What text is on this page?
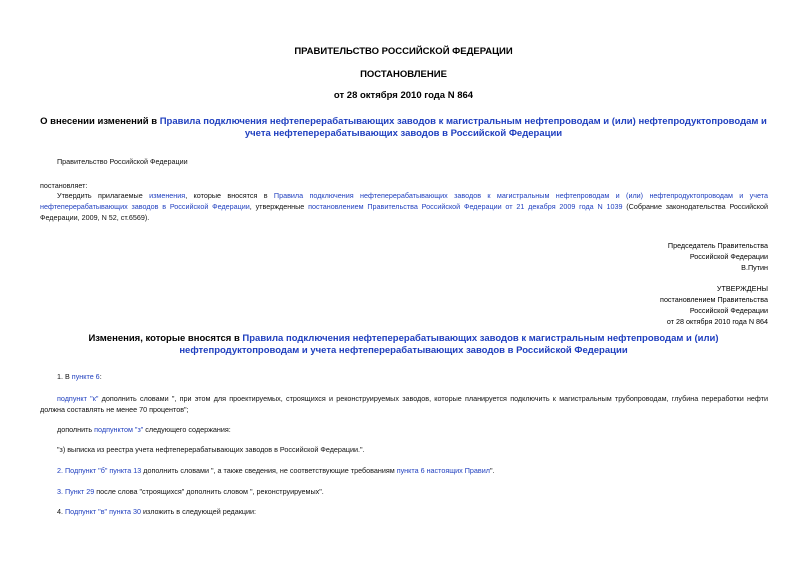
ПРАВИТЕЛЬСТВО РОССИЙСКОЙ ФЕДЕРАЦИИ
ПОСТАНОВЛЕНИЕ
от 28 октября 2010 года N 864
О внесении изменений в Правила подключения нефтеперерабатывающих заводов к магистральным нефтепроводам и (или) нефтепродуктопроводам и учета нефтеперерабатывающих заводов в Российской Федерации
Правительство Российской Федерации
постановляет:
Утвердить прилагаемые изменения, которые вносятся в Правила подключения нефтеперерабатывающих заводов к магистральным нефтепроводам и (или) нефтепродуктопроводам и учета нефтеперерабатывающих заводов в Российской Федерации, утвержденные постановлением Правительства Российской Федерации от 21 декабря 2009 года N 1039 (Собрание законодательства Российской Федерации, 2009, N 52, ст.6569).
Председатель Правительства
Российской Федерации
В.Путин
УТВЕРЖДЕНЫ
постановлением Правительства
Российской Федерации
от 28 октября 2010 года N 864
Изменения, которые вносятся в Правила подключения нефтеперерабатывающих заводов к магистральным нефтепроводам и (или) нефтепродуктопроводам и учета нефтеперерабатывающих заводов в Российской Федерации
1. В пункте 6:
подпункт "к" дополнить словами ", при этом для проектируемых, строящихся и реконструируемых заводов, которые планируется подключить к магистральным трубопроводам, глубина переработки нефти должна составлять не менее 70 процентов";
дополнить подпунктом "з" следующего содержания:
"з) выписка из реестра учета нефтеперерабатывающих заводов в Российской Федерации.".
2. Подпункт "б" пункта 13 дополнить словами ", а также сведения, не соответствующие требованиям пункта 6 настоящих Правил".
3. Пункт 29 после слова "строящихся" дополнить словом ", реконструируемых".
4. Подпункт "в" пункта 30 изложить в следующей редакции:
